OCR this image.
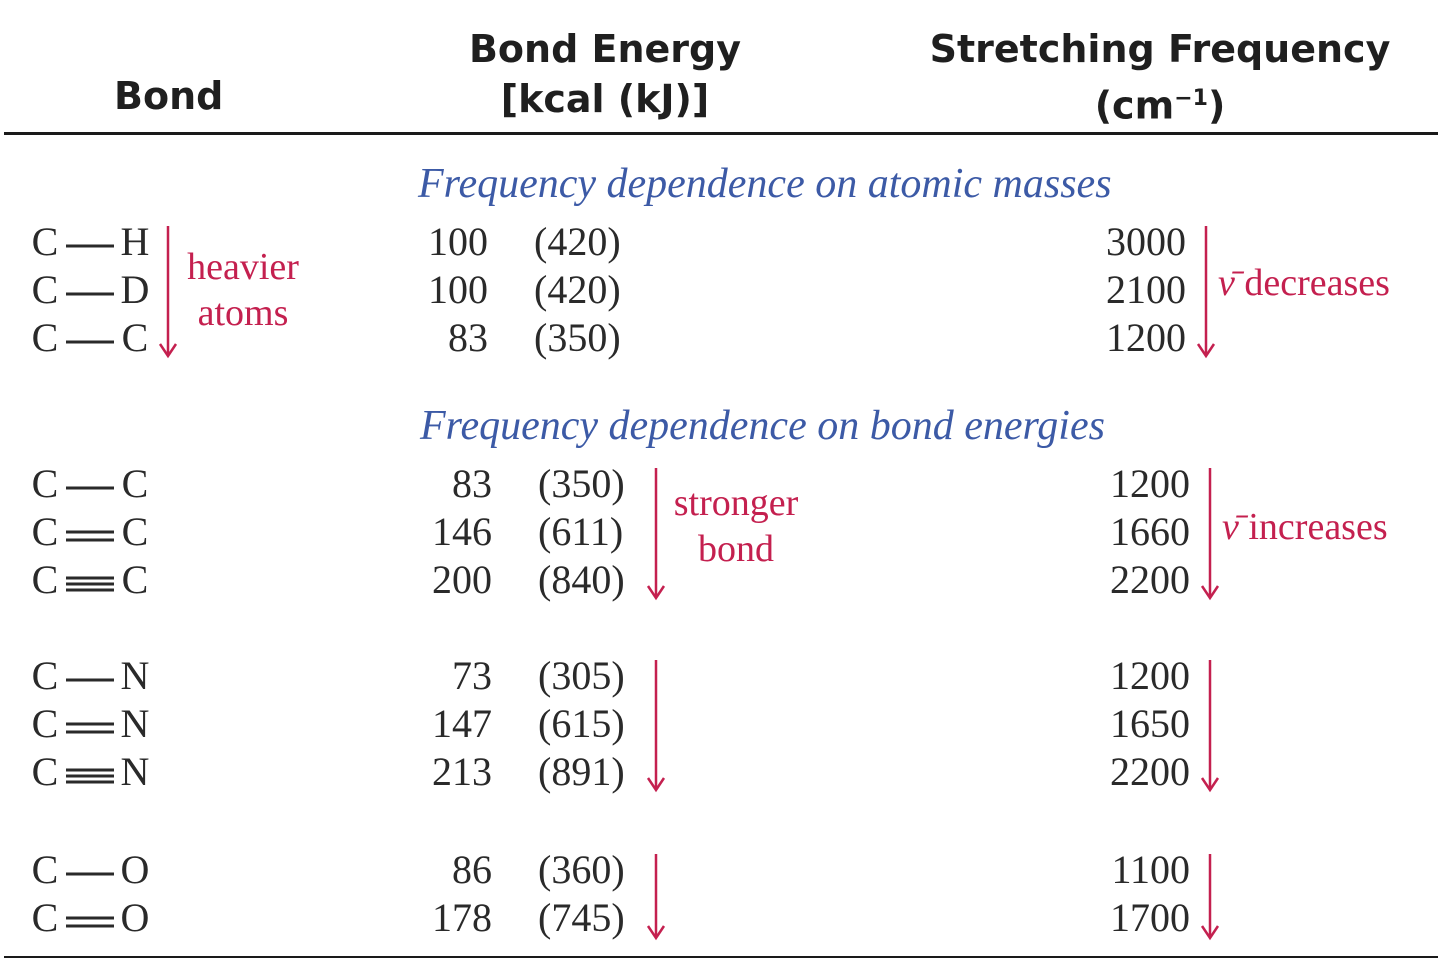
Bond
Bond Energy
[kcal (kJ)]
Stretching Frequency
$(cm^{-1})$
Frequency dependence on atomic masses
Frequency dependence on bond energies
C H	100 (420)	3000
C D	100 (420)	2100
C C	83 (350)	1200
C C	83 (350)	1200
C C	146 (611)	1660
C C	200 (840)	2200
C N	73 (305)	1200
C N	147 (615)	1650
C N	213 (891)	2200
C O	86 (360)	1100
C O	178 (745)	1700
heavier
atoms
ν̄ decreases
stronger
bond
ν̄ increases
